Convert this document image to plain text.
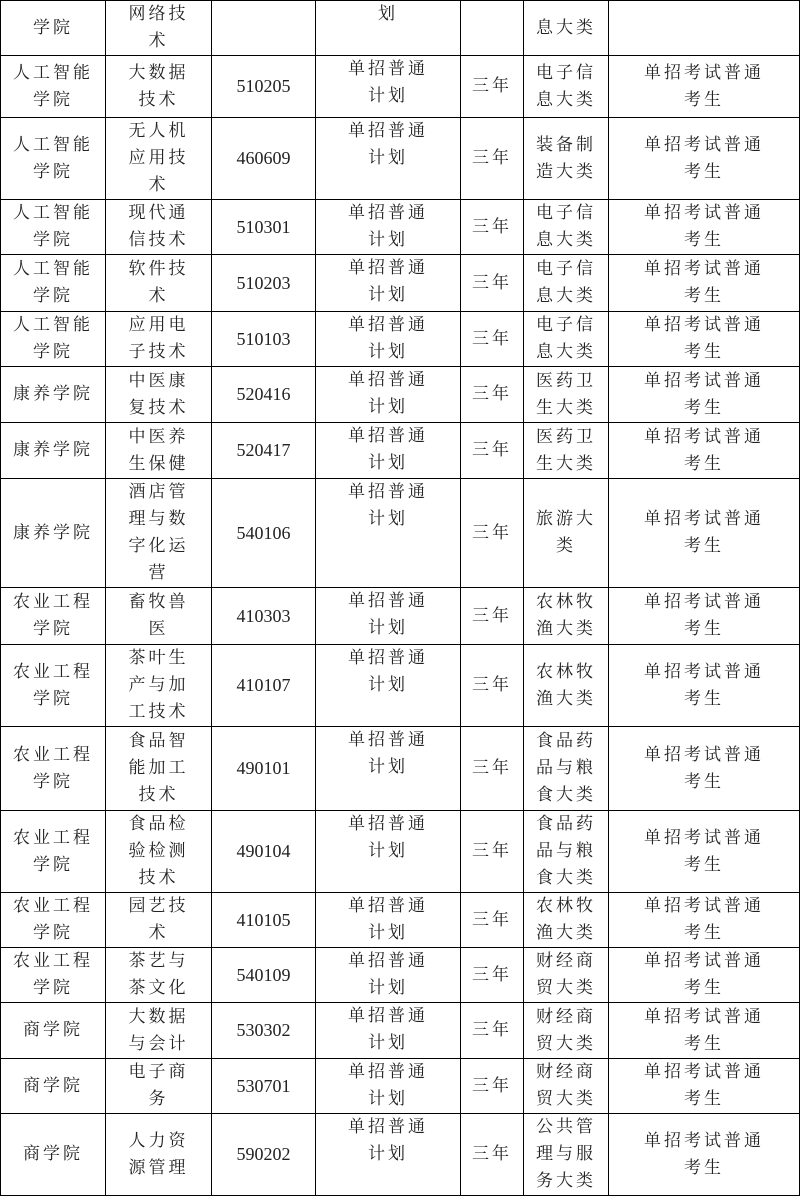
学院	网络技术		划		息大类	
人工智能学院	大数据技术	510205	单招普通计划	三年	电子信息大类	单招考试普通考生
人工智能学院	无人机应用技术	460609	单招普通计划	三年	装备制造大类	单招考试普通考生
人工智能学院	现代通信技术	510301	单招普通计划	三年	电子信息大类	单招考试普通考生
人工智能学院	软件技术	510203	单招普通计划	三年	电子信息大类	单招考试普通考生
人工智能学院	应用电子技术	510103	单招普通计划	三年	电子信息大类	单招考试普通考生
康养学院	中医康复技术	520416	单招普通计划	三年	医药卫生大类	单招考试普通考生
康养学院	中医养生保健	520417	单招普通计划	三年	医药卫生大类	单招考试普通考生
康养学院	酒店管理与数字化运营	540106	单招普通计划	三年	旅游大类	单招考试普通考生
农业工程学院	畜牧兽医	410303	单招普通计划	三年	农林牧渔大类	单招考试普通考生
农业工程学院	茶叶生产与加工技术	410107	单招普通计划	三年	农林牧渔大类	单招考试普通考生
农业工程学院	食品智能加工技术	490101	单招普通计划	三年	食品药品与粮食大类	单招考试普通考生
农业工程学院	食品检验检测技术	490104	单招普通计划	三年	食品药品与粮食大类	单招考试普通考生
农业工程学院	园艺技术	410105	单招普通计划	三年	农林牧渔大类	单招考试普通考生
农业工程学院	茶艺与茶文化	540109	单招普通计划	三年	财经商贸大类	单招考试普通考生
商学院	大数据与会计	530302	单招普通计划	三年	财经商贸大类	单招考试普通考生
商学院	电子商务	530701	单招普通计划	三年	财经商贸大类	单招考试普通考生
商学院	人力资源管理	590202	单招普通计划	三年	公共管理与服务大类	单招考试普通考生
